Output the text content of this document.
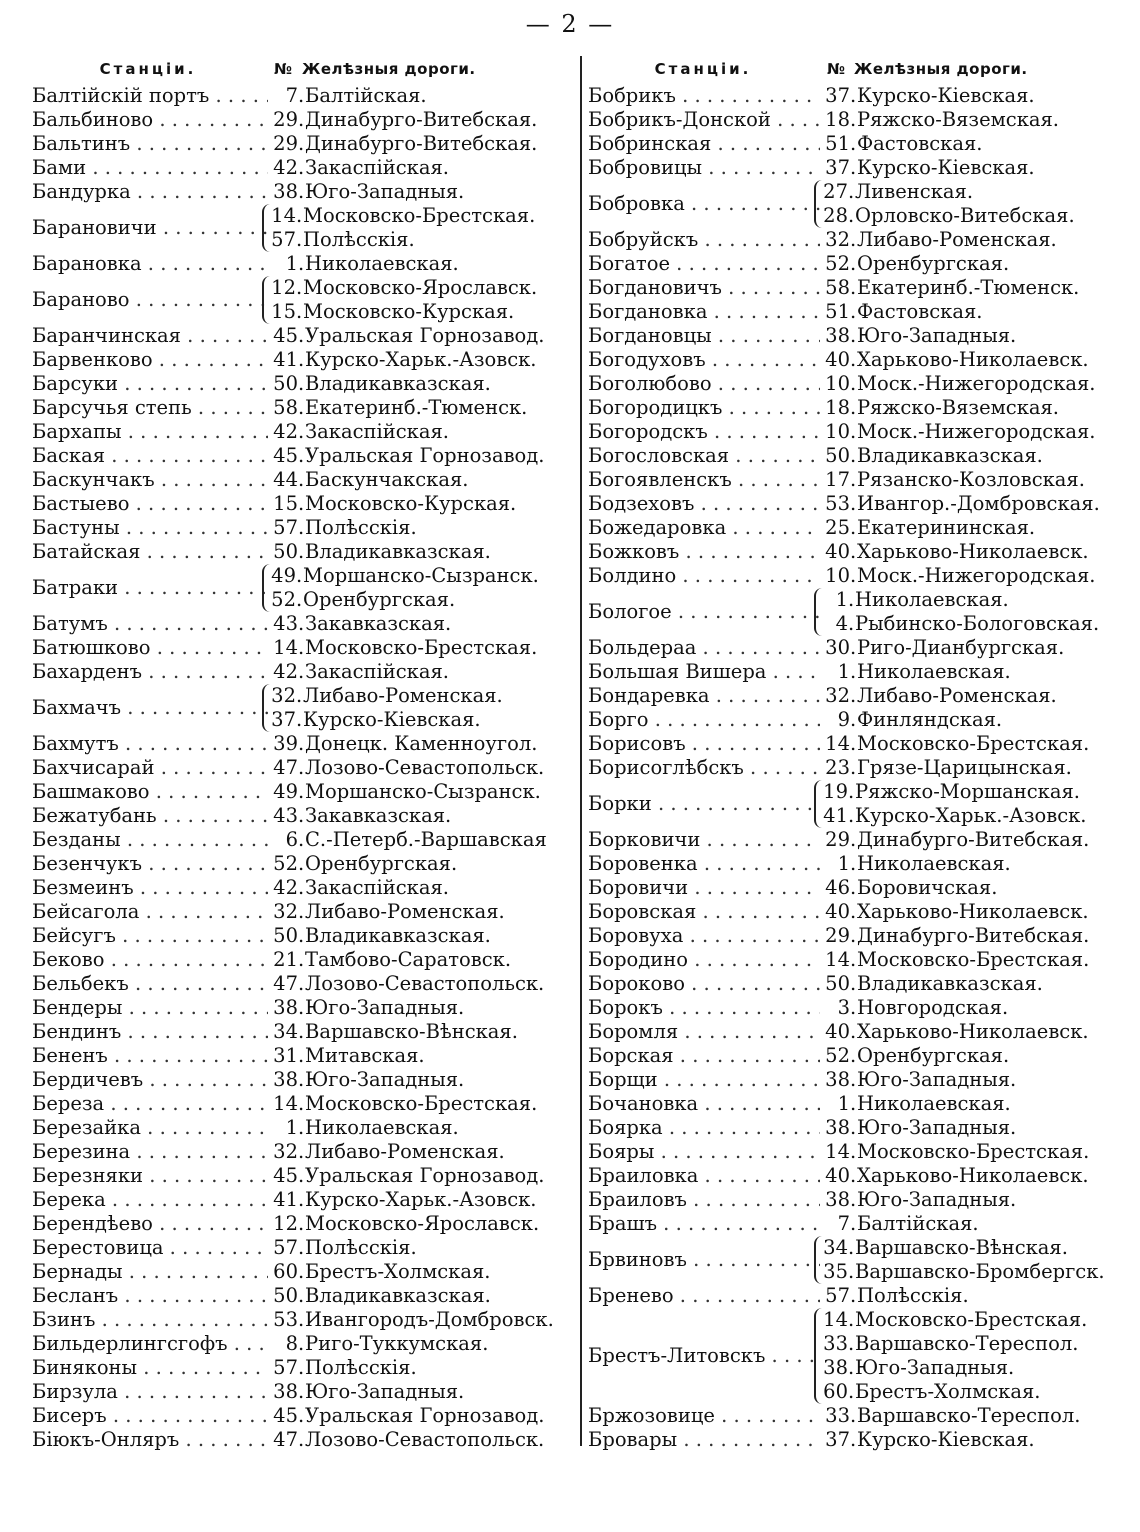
— 2 —
Станціи.	№ Желѣзныя дороги.
Балтійскій портъ . . .	7 . Балтійская.
Бальбиново . . .	29 . Динабурго-Витебская.
Бальтинъ . . .	29 . Динабурго-Витебская.
Бами . . .	42 . Закаспійская.
Бандурка . . .	38 . Юго-Западныя.
Барановичи . . .
14 . Московско-Брестская.
57 . Полѣсскія.
Барановка . . .	1 . Николаевская.
Бараново . . .
12 . Московско-Ярославск.
15 . Московско-Курская.
Баранчинская . . .	45 . Уральская Горнозавод.
Барвенково . . .	41 . Курско-Харьк.-Азовск.
Барсуки . . .	50 . Владикавказская.
Барсучья степь . . .	58 . Екатеринб.-Тюменск.
Бархапы . . .	42 . Закаспійская.
Баская . . .	45 . Уральская Горнозавод.
Баскунчакъ . . .	44 . Баскунчакская.
Бастыево . . .	15 . Московско-Курская.
Бастуны . . .	57 . Полѣсскія.
Батайская . . .	50 . Владикавказская.
Батраки . . .
49 . Моршанско-Сызранск.
52 . Оренбургская.
Батумъ . . .	43 . Закавказская.
Батюшково . . .	14 . Московско-Брестская.
Бахарденъ . . .	42 . Закаспійская.
Бахмачъ . . .
32 . Либаво-Роменская.
37 . Курско-Кіевская.
Бахмутъ . . .	39 . Донецк. Каменноугол.
Бахчисарай . . .	47 . Лозово-Севастопольск.
Башмаково . . .	49 . Моршанско-Сызранск.
Бежатубань . . .	43 . Закавказская.
Безданы . . .	6 . С.-Петерб.-Варшавская
Безенчукъ . . .	52 . Оренбургская.
Безмеинъ . . .	42 . Закаспійская.
Бейсагола . . .	32 . Либаво-Роменская.
Бейсугъ . . .	50 . Владикавказская.
Беково . . .	21 . Тамбово-Саратовск.
Бельбекъ . . .	47 . Лозово-Севастопольск.
Бендеры . . .	38 . Юго-Западныя.
Бендинъ . . .	34 . Варшавско-Вѣнская.
Бененъ . . .	31 . Митавская.
Бердичевъ . . .	38 . Юго-Западныя.
Береза . . .	14 . Московско-Брестская.
Березайка . . .	1 . Николаевская.
Березина . . .	32 . Либаво-Роменская.
Березняки . . .	45 . Уральская Горнозавод.
Берека . . .	41 . Курско-Харьк.-Азовск.
Берендѣево . . .	12 . Московско-Ярославск.
Берестовица . . .	57 . Полѣсскія.
Бернады . . .	60 . Брестъ-Холмская.
Бесланъ . . .	50 . Владикавказская.
Бзинъ . . .	53 . Ивангородъ-Домбровск.
Бильдерлингсгофъ . . .	8 . Риго-Туккумская.
Биняконы . . .	57 . Полѣсскія.
Бирзула . . .	38 . Юго-Западныя.
Бисеръ . . .	45 . Уральская Горнозавод.
Біюкъ-Онляръ . . .	47 . Лозово-Севастопольск.
Станціи.	№ Желѣзныя дороги.
Бобрикъ . . .	37 . Курско-Кіевская.
Бобрикъ-Донской . . .	18 . Ряжско-Вяземская.
Бобринская . . .	51 . Фастовская.
Бобровицы . . .	37 . Курско-Кіевская.
Бобровка . . .
27 . Ливенская.
28 . Орловско-Витебская.
Бобруйскъ . . .	32 . Либаво-Роменская.
Богатое . . .	52 . Оренбургская.
Богдановичъ . . .	58 . Екатеринб.-Тюменск.
Богдановка . . .	51 . Фастовская.
Богдановцы . . .	38 . Юго-Западныя.
Богодуховъ . . .	40 . Харьково-Николаевск.
Боголюбово . . .	10 . Моск.-Нижегородская.
Богородицкъ . . .	18 . Ряжско-Вяземская.
Богородскъ . . .	10 . Моск.-Нижегородская.
Богословская . . .	50 . Владикавказская.
Богоявленскъ . . .	17 . Рязанско-Козловская.
Бодзеховъ . . .	53 . Ивангор.-Домбровская.
Божедаровка . . .	25 . Екатерининская.
Божковъ . . .	40 . Харьково-Николаевск.
Болдино . . .	10 . Моск.-Нижегородская.
Бологое . . .
1 . Николаевская.
4 . Рыбинско-Бологовская.
Больдераа . . .	30 . Риго-Дианбургская.
Большая Вишера . . .	1 . Николаевская.
Бондаревка . . .	32 . Либаво-Роменская.
Борго . . .	9 . Финляндская.
Борисовъ . . .	14 . Московско-Брестская.
Борисоглѣбскъ . . .	23 . Грязе-Царицынская.
Борки . . .
19 . Ряжско-Моршанская.
41 . Курско-Харьк.-Азовск.
Борковичи . . .	29 . Динабурго-Витебская.
Боровенка . . .	1 . Николаевская.
Боровичи . . .	46 . Боровичская.
Боровская . . .	40 . Харьково-Николаевск.
Боровуха . . .	29 . Динабурго-Витебская.
Бородино . . .	14 . Московско-Брестская.
Бороково . . .	50 . Владикавказская.
Борокъ . . .	3 . Новгородская.
Боромля . . .	40 . Харьково-Николаевск.
Борская . . .	52 . Оренбургская.
Борщи . . .	38 . Юго-Западныя.
Бочановка . . .	1 . Николаевская.
Боярка . . .	38 . Юго-Западныя.
Бояры . . .	14 . Московско-Брестская.
Браиловка . . .	40 . Харьково-Николаевск.
Браиловъ . . .	38 . Юго-Западныя.
Брашъ . . .	7 . Балтійская.
Брвиновъ . . .
34 . Варшавско-Вѣнская.
35 . Варшавско-Бромбергск.
Бренево . . .	57 . Полѣсскія.
Брестъ-Литовскъ . . .
14 . Московско-Брестская.
33 . Варшавско-Тереспол.
38 . Юго-Западныя.
60 . Брестъ-Холмская.
Бржозовице . . .	33 . Варшавско-Тереспол.
Бровары . . .	37 . Курско-Кіевская.
